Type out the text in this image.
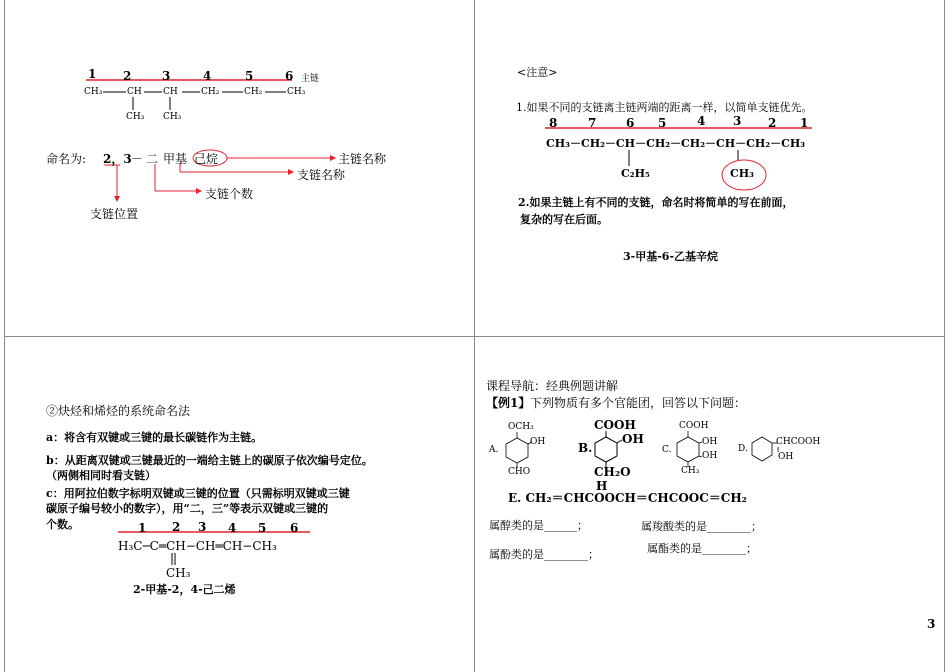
1 2	3	4	5	6 主链
CH₃	CH CH	CH₂	CH₂	CH₃
CH₃ CH₃
命名为: 2，3 － 二 甲基 己烷	主链名称
支链名称
支链个数
支链位置
<注意>
1.如果不同的支链离主链两端的距离一样，以简单支链优先。
8	7 6 5	4 3 2 1
CH₃－CH₂－CH－CH₂－CH₂－CH－CH₂－CH₃
C₂H₅	CH₃
2.如果主链上有不同的支链，命名时将简单的写在前面，
复杂的写在后面。
3-甲基-6-乙基辛烷
②炔烃和烯烃的系统命名法
a：将含有双键或三键的最长碳链作为主链。
b：从距离双键或三键最近的一端给主链上的碳原子依次编号定位。
（两侧相同时看支链）
c：用阿拉伯数字标明双键或三键的位置（只需标明双键或三键
碳原子编号较小的数字），用“二，三”等表示双键或三键的
个数。	1 2 3 4 5 6
H₃C─C═CH−CH═CH−CH₃
CH₃
2-甲基-2，4-己二烯
课程导航：经典例题讲解
【例1】 下列物质有多个官能团，回答以下问题：
A.
OCH₃
OH
CHO
B.
COOH
OH
CH₂O
H
C.
COOH
OH
OH
CH₃
D.
CHCOOH
OH
E. CH₂＝CHCOOCH＝CHCOOC＝CH₂
属醇类的是______；	属羧酸类的是________；
属酚类的是________；	属酯类的是________；
3
